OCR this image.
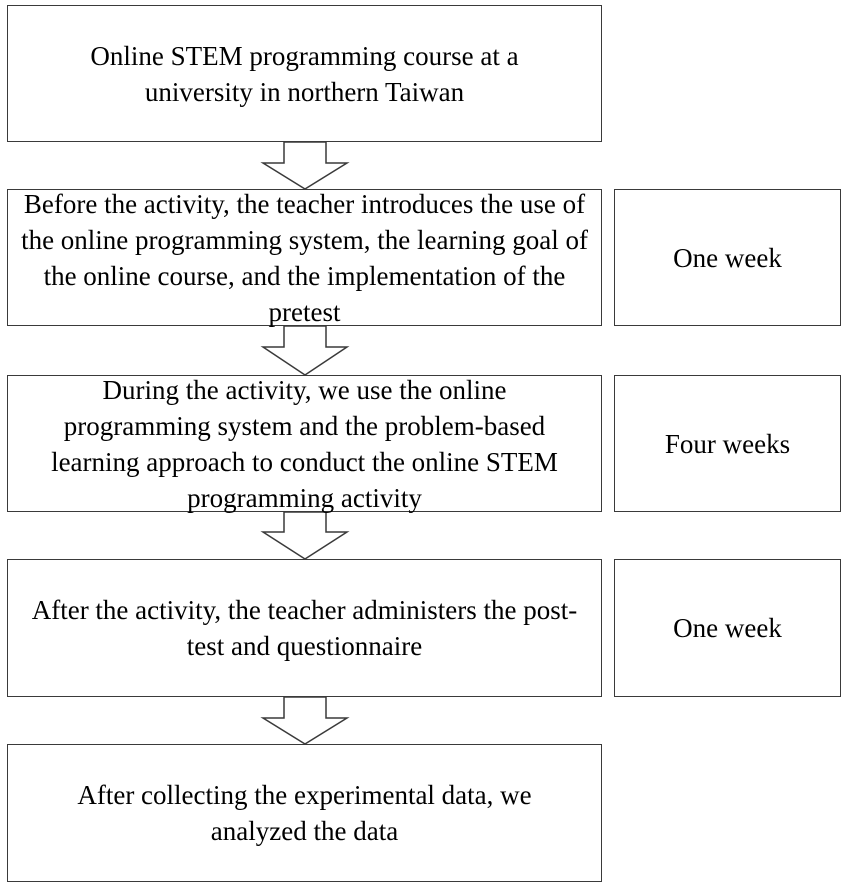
Online STEM programming course at a university in northern Taiwan
Before the activity, the teacher introduces the use of the online programming system, the learning goal of the online course, and the implementation of the pretest
During the activity, we use the online programming system and the problem-based learning approach to conduct the online STEM programming activity
After the activity, the teacher administers the post-test and questionnaire
After collecting the experimental data, we analyzed the data
One week
Four weeks
One week
